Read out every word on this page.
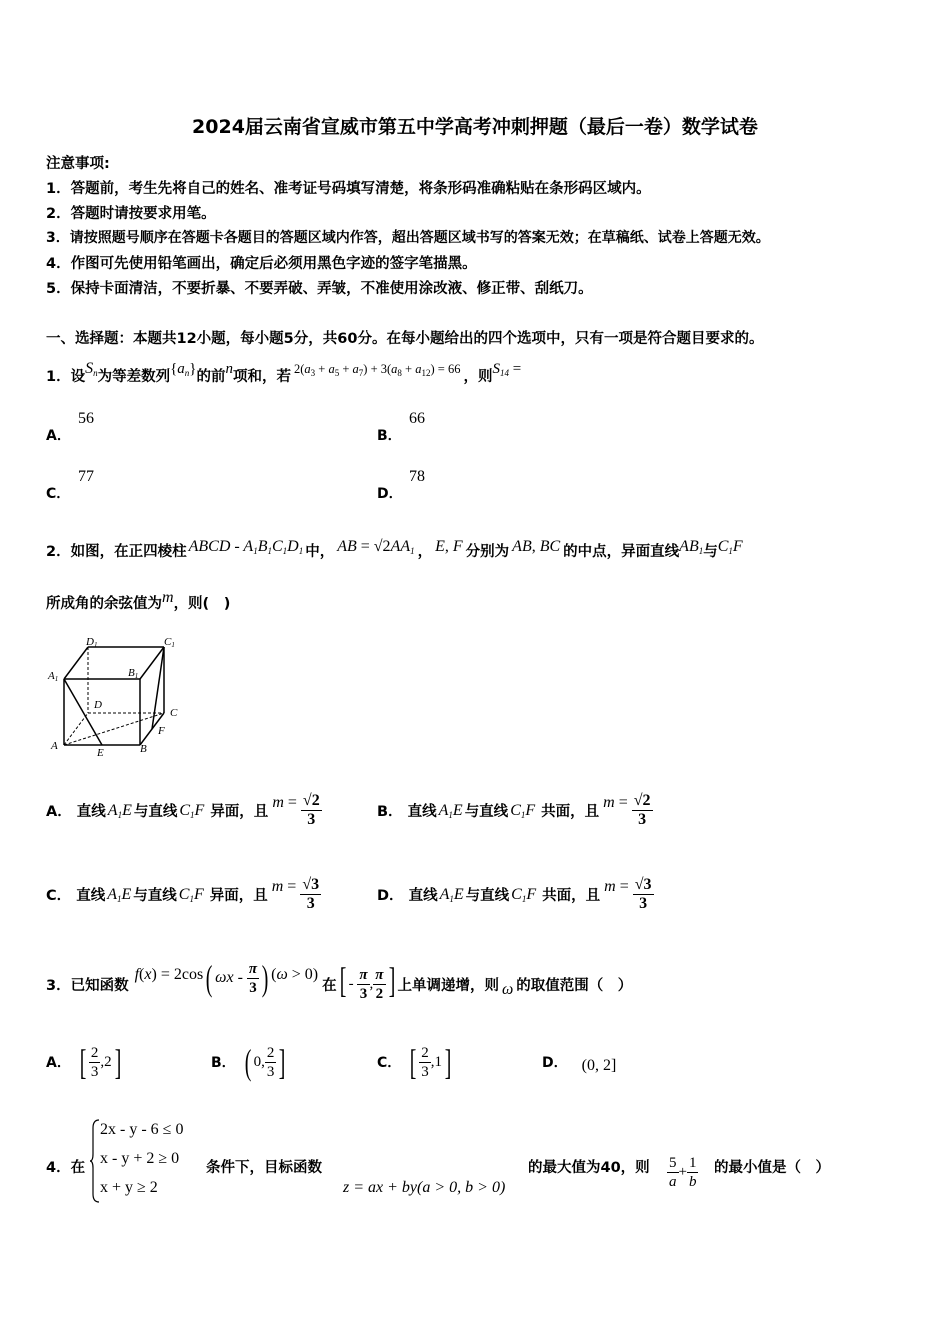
2024届云南省宣威市第五中学高考冲刺押题（最后一卷）数学试卷
注意事项:
1．答题前，考生先将自己的姓名、准考证号码填写清楚，将条形码准确粘贴在条形码区域内。
2．答题时请按要求用笔。
3．请按照题号顺序在答题卡各题目的答题区域内作答，超出答题区域书写的答案无效；在草稿纸、试卷上答题无效。
4．作图可先使用铅笔画出，确定后必须用黑色字迹的签字笔描黑。
5．保持卡面清洁，不要折暴、不要弄破、弄皱，不准使用涂改液、修正带、刮纸刀。
一、选择题：本题共12小题，每小题5分，共60分。在每小题给出的四个选项中，只有一项是符合题目要求的。
1．设$S_n$为等差数列$\{a_n\}$的前n项和，若 $2(a_3 + a_5 + a_7) + 3(a_8 + a_{12}) = 66$ ，则$S_{14}$ =
A．
56
B．
66
C．
77
D．
78
2．如图，在正四棱柱 ABCD - $A_1B_1C_1D_1$ 中， AB = $√2AA_1$ ， E, F 分别为 AB, BC 的中点，异面直线$AB_1$与$C_1F$
所成角的余弦值为m，则(　)
D1	C1
A1	B1
D
C
F
A
E	B
A．
直线 $A_1E$ 与直线 $C_1F$ 异面，且
$m = \frac{√2}{3}$	B．
直线 $A_1E$ 与直线 $C_1F$ 共面，且
$m = \frac{√2}{3}$
C．
直线 $A_1E$ 与直线 $C_1F$ 异面，且
$m = \frac{√3}{3}$	D．
直线 $A_1E$ 与直线 $C_1F$ 共面，且
$m = \frac{√3}{3}$
3．已知函数
f(x) = 2cos ( ωx - $\frac{\pi}{3}$ ) (ω > 0)
在 [ - $\frac{\pi}{3}$ , $\frac{\pi}{2}$ ] 上单调递增，则 ω 的取值范围（　）
A． [ $\frac{2}{3} ,2$ ]	B． ( 0, $\frac{2}{3}$ ]	C． [ $\frac{2}{3} ,1$ ]	D． (0, 2]
4．在
2x - y - 6 ≤ 0
x - y + 2 ≥ 0
x + y ≥ 2
条件下，目标函数
z = ax + by(a > 0, b > 0)
的最大值为40，则 $\frac{5}{a} + \frac{1}{b}$ 的最小值是（　）
